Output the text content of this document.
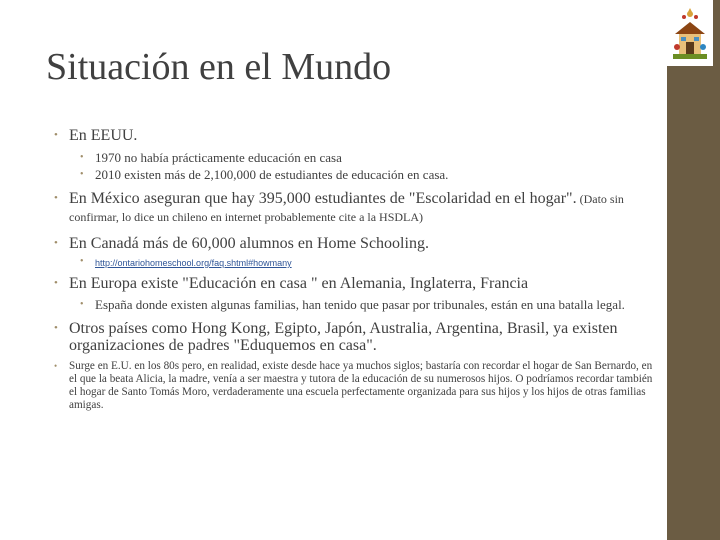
Situación en el Mundo
• En EEUU.
• 1970 no había prácticamente educación en casa
• 2010 existen más de 2,100,000 de estudiantes de educación en casa.
• En México aseguran que hay 395,000 estudiantes de "Escolaridad en el hogar". (Dato sin confirmar, lo dice un chileno en internet probablemente cite a la HSDLA)
• En Canadá más de 60,000 alumnos en Home Schooling.
• http://ontariohomeschool.org/faq.shtml#howmany
• En Europa existe "Educación en casa " en Alemania, Inglaterra, Francia
• España donde existen algunas familias, han tenido que pasar por tribunales, están en una batalla legal.
• Otros países como Hong Kong, Egipto, Japón, Australia, Argentina, Brasil, ya existen organizaciones de padres "Eduquemos en casa".
• Surge en E.U. en los 80s pero, en realidad, existe desde hace ya muchos siglos; bastaría con recordar el hogar de San Bernardo, en el que la beata Alicia, la madre, venía a ser maestra y tutora de la educación de su numerosos hijos. O podríamos recordar también el hogar de Santo Tomás Moro, verdaderamente una escuela perfectamente organizada para sus hijos y los hijos de otras familias amigas.
